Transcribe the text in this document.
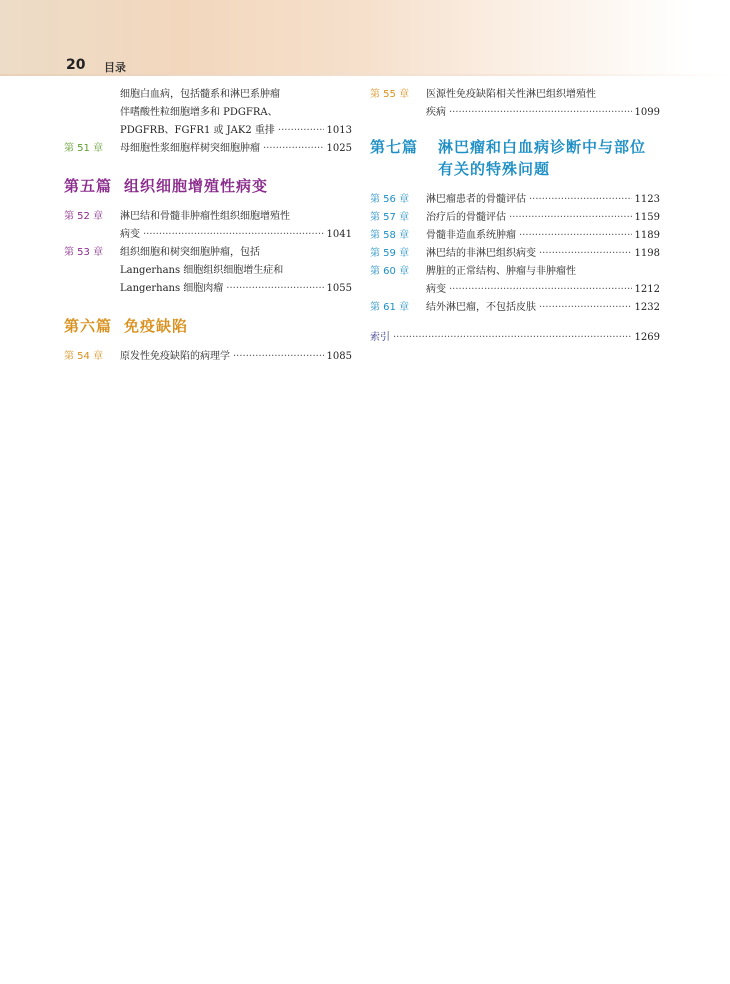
20 目录
细胞白血病，包括髓系和淋巴系肿瘤
伴嗜酸性粒细胞增多和 PDGFRA、
PDGFRB、FGFR1 或 JAK2 重排 ·····	1013
第 51 章	母细胞性浆细胞样树突细胞肿瘤 ·····	1025
第五篇 组织细胞增殖性病变
第 52 章	淋巴结和骨髓非肿瘤性组织细胞增殖性
病变 ·····	1041
第 53 章	组织细胞和树突细胞肿瘤，包括
Langerhans 细胞组织细胞增生症和
Langerhans 细胞肉瘤 ·····	1055
第六篇 免疫缺陷
第 54 章	原发性免疫缺陷的病理学 ·····	1085
第 55 章	医源性免疫缺陷相关性淋巴组织增殖性
疾病 ·····	1099
第七篇	淋巴瘤和白血病诊断中与部位
有关的特殊问题
第 56 章	淋巴瘤患者的骨髓评估 ·····	1123
第 57 章	治疗后的骨髓评估 ·····	1159
第 58 章	骨髓非造血系统肿瘤 ·····	1189
第 59 章	淋巴结的非淋巴组织病变 ·····	1198
第 60 章	脾脏的正常结构、肿瘤与非肿瘤性
病变 ·····	1212
第 61 章	结外淋巴瘤，不包括皮肤 ·····	1232
索引 ·····	1269
